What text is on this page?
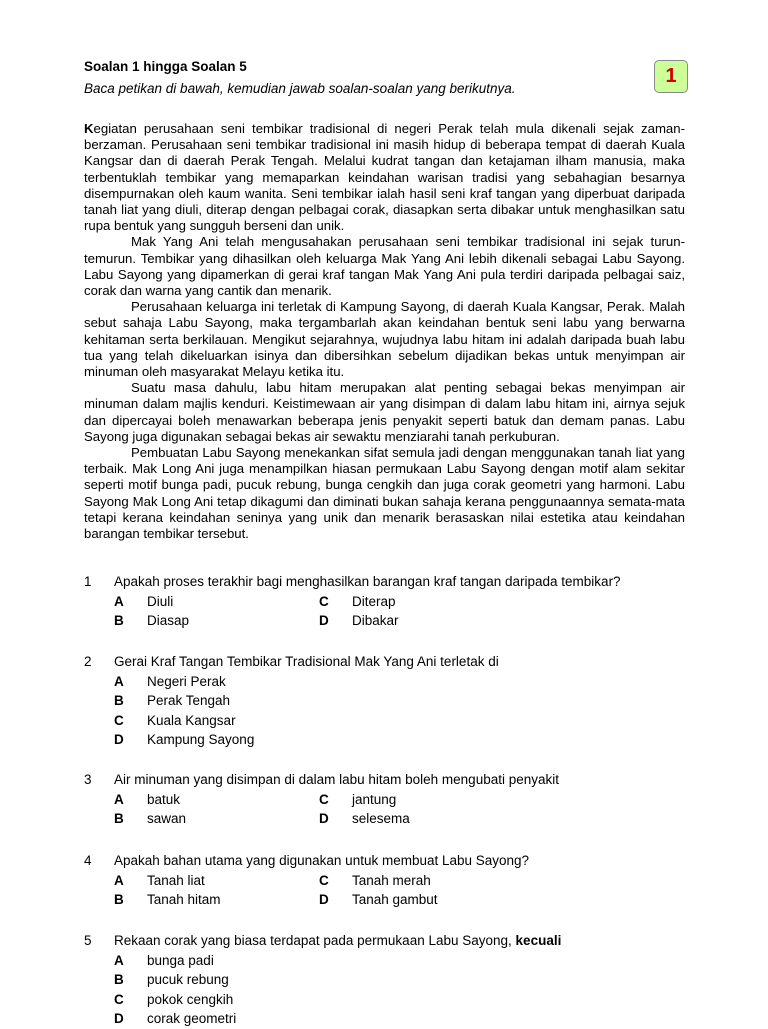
Soalan 1 hingga Soalan 5
Baca petikan di bawah, kemudian jawab soalan-soalan yang berikutnya.
1

Kegiatan perusahaan seni tembikar tradisional di negeri Perak telah mula dikenali sejak zaman-berzaman. Perusahaan seni tembikar tradisional ini masih hidup di beberapa tempat di daerah Kuala Kangsar dan di daerah Perak Tengah. Melalui kudrat tangan dan ketajaman ilham manusia, maka terbentuklah tembikar yang memaparkan keindahan warisan tradisi yang sebahagian besarnya disempurnakan oleh kaum wanita. Seni tembikar ialah hasil seni kraf tangan yang diperbuat daripada tanah liat yang diuli, diterap dengan pelbagai corak, diasapkan serta dibakar untuk menghasilkan satu rupa bentuk yang sungguh berseni dan unik.

Mak Yang Ani telah mengusahakan perusahaan seni tembikar tradisional ini sejak turun-temurun. Tembikar yang dihasilkan oleh keluarga Mak Yang Ani lebih dikenali sebagai Labu Sayong. Labu Sayong yang dipamerkan di gerai kraf tangan Mak Yang Ani pula terdiri daripada pelbagai saiz, corak dan warna yang cantik dan menarik.

Perusahaan keluarga ini terletak di Kampung Sayong, di daerah Kuala Kangsar, Perak. Malah sebut sahaja Labu Sayong, maka tergambarlah akan keindahan bentuk seni labu yang berwarna kehitaman serta berkilauan. Mengikut sejarahnya, wujudnya labu hitam ini adalah daripada buah labu tua yang telah dikeluarkan isinya dan dibersihkan sebelum dijadikan bekas untuk menyimpan air minuman oleh masyarakat Melayu ketika itu.

Suatu masa dahulu, labu hitam merupakan alat penting sebagai bekas menyimpan air minuman dalam majlis kenduri. Keistimewaan air yang disimpan di dalam labu hitam ini, airnya sejuk dan dipercayai boleh menawarkan beberapa jenis penyakit seperti batuk dan demam panas. Labu Sayong juga digunakan sebagai bekas air sewaktu menziarahi tanah perkuburan.

Pembuatan Labu Sayong menekankan sifat semula jadi dengan menggunakan tanah liat yang terbaik. Mak Long Ani juga menampilkan hiasan permukaan Labu Sayong dengan motif alam sekitar seperti motif bunga padi, pucuk rebung, bunga cengkih dan juga corak geometri yang harmoni. Labu Sayong Mak Long Ani tetap dikagumi dan diminati bukan sahaja kerana penggunaannya semata-mata tetapi kerana keindahan seninya yang unik dan menarik berasaskan nilai estetika atau keindahan barangan tembikar tersebut.

1	Apakah proses terakhir bagi menghasilkan barangan kraf tangan daripada tembikar?
A	Diuli	C	Diterap
B	Diasap	D	Dibakar
2	Gerai Kraf Tangan Tembikar Tradisional Mak Yang Ani terletak di
A	Negeri Perak
B	Perak Tengah
C	Kuala Kangsar
D	Kampung Sayong
3	Air minuman yang disimpan di dalam labu hitam boleh mengubati penyakit
A	batuk	C	jantung
B	sawan	D	selesema
4	Apakah bahan utama yang digunakan untuk membuat Labu Sayong?
A	Tanah liat	C	Tanah merah
B	Tanah hitam	D	Tanah gambut
5	Rekaan corak yang biasa terdapat pada permukaan Labu Sayong, kecuali
A	bunga padi
B	pucuk rebung
C	pokok cengkih
D	corak geometri
